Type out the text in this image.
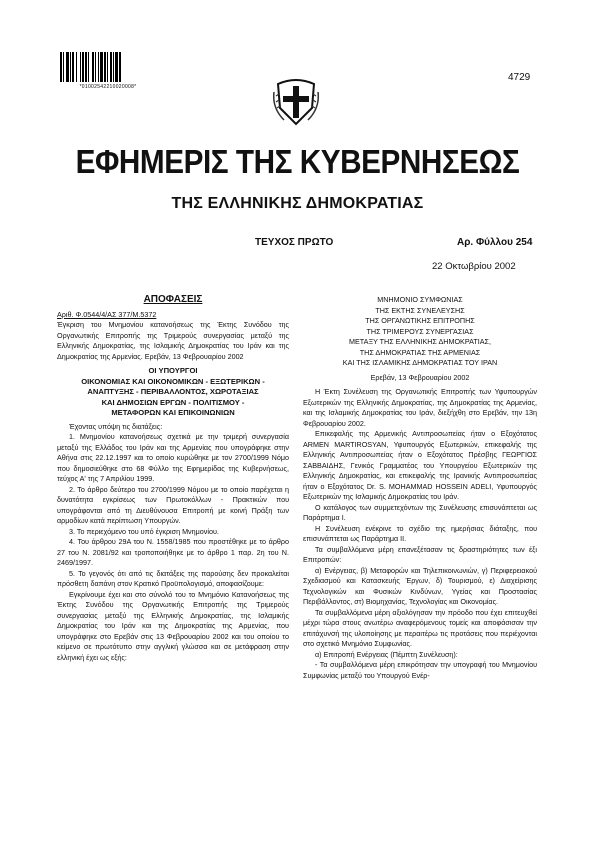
*01002542210020008*
4729
ΕΦΗΜΕΡΙΣ ΤΗΣ ΚΥΒΕΡΝΗΣΕΩΣ
ΤΗΣ ΕΛΛΗΝΙΚΗΣ ΔΗΜΟΚΡΑΤΙΑΣ
ΤΕΥΧΟΣ ΠΡΩΤΟ	Αρ. Φύλλου 254
22 Οκτωβρίου 2002

ΑΠΟΦΑΣΕΙΣ

Αριθ. Φ.0544/4/ΑΣ 377/Μ.5372

Έγκριση του Μνημονίου κατανοήσεως της Έκτης Συνόδου της Οργανωτικής Επιτροπής της Τριμερούς συνεργασίας μεταξύ της Ελληνικής Δημοκρατίας, της Ισλαμικής Δημοκρατίας του Ιράν και της Δημοκρατίας της Αρμενίας. Ερεβάν, 13 Φεβρουαρίου 2002

ΟΙ ΥΠΟΥΡΓΟΙ

ΟΙΚΟΝΟΜΙΑΣ ΚΑΙ ΟΙΚΟΝΟΜΙΚΩΝ - ΕΞΩΤΕΡΙΚΩΝ -

ΑΝΑΠΤΥΞΗΣ - ΠΕΡΙΒΑΛΛΟΝΤΟΣ, ΧΩΡΟΤΑΞΙΑΣ

ΚΑΙ ΔΗΜΟΣΙΩΝ ΕΡΓΩΝ - ΠΟΛΙΤΙΣΜΟΥ -

ΜΕΤΑΦΟΡΩΝ ΚΑΙ ΕΠΙΚΟΙΝΩΝΙΩΝ

Έχοντας υπόψη τις διατάξεις:

1. Μνημονίου κατανοήσεως σχετικά με την τριμερή συνεργασία μεταξύ της Ελλάδος του Ιράν και της Αρμενίας που υπογράφηκε στην Αθήνα στις 22.12.1997 και το οποίο κυρώθηκε με τον 2700/1999 Νόμο που δημοσιεύθηκε στο 68 Φύλλο της Εφημερίδας της Κυβερνήσεως, τεύχος Α' της 7 Απριλίου 1999.

2. Το άρθρο δεύτερο του 2700/1999 Νόμου με το οποίο παρέχεται η δυνατότητα εγκρίσεως των Πρωτοκόλλων - Πρακτικών που υπογράφονται από τη Διευθύνουσα Επιτροπή με κοινή Πράξη των αρμοδίων κατά περίπτωση Υπουργών.

3. Το περιεχόμενο του υπό έγκριση Μνημονίου.

4. Του άρθρου 29Α του Ν. 1558/1985 που προστέθηκε με το άρθρο 27 του Ν. 2081/92 και τροποποιήθηκε με το άρθρο 1 παρ. 2η του Ν. 2469/1997.

5. Το γεγονός ότι από τις διατάξεις της παρούσης δεν προκαλείται πρόσθετη δαπάνη στον Κρατικό Προϋπολογισμό, αποφασίζουμε:

Εγκρίνουμε έχει και στο σύνολό του το Μνημόνιο Κατανοήσεως της Έκτης Συνόδου της Οργανωτικής Επιτροπής της Τριμερούς συνεργασίας μεταξύ της Ελληνικής Δημοκρατίας, της Ισλαμικής Δημοκρατίας του Ιράν και της Δημοκρατίας της Αρμενίας, που υπογράφηκε στο Ερεβάν στις 13 Φεβρουαρίου 2002 και του οποίου το κείμενο σε πρωτότυπο στην αγγλική γλώσσα και σε μετάφραση στην ελληνική έχει ως εξής:

ΜΝΗΜΟΝΙΟ ΣΥΜΦΩΝΙΑΣ

ΤΗΣ ΕΚΤΗΣ ΣΥΝΕΛΕΥΣΗΣ

ΤΗΣ ΟΡΓΑΝΩΤΙΚΗΣ ΕΠΙΤΡΟΠΗΣ

ΤΗΣ ΤΡΙΜΕΡΟΥΣ ΣΥΝΕΡΓΑΣΙΑΣ

ΜΕΤΑΞΥ ΤΗΣ ΕΛΛΗΝΙΚΗΣ ΔΗΜΟΚΡΑΤΙΑΣ,

ΤΗΣ ΔΗΜΟΚΡΑΤΙΑΣ ΤΗΣ ΑΡΜΕΝΙΑΣ

ΚΑΙ ΤΗΣ ΙΣΛΑΜΙΚΗΣ ΔΗΜΟΚΡΑΤΙΑΣ ΤΟΥ ΙΡΑΝ

Ερεβάν, 13 Φεβρουαρίου 2002

Η Έκτη Συνέλευση της Οργανωτικής Επιτροπής των Υφυπουργών Εξωτερικών της Ελληνικής Δημοκρατίας, της Δημοκρατίας της Αρμενίας, και της Ισλαμικής Δημοκρατίας του Ιράν, διεξήχθη στο Ερεβάν, την 13η Φεβρουαρίου 2002.

Επικεφαλής της Αρμενικής Αντιπροσωπείας ήταν ο Εξοχότατος ARMEN MARTIROSYAN, Υφυπουργός Εξωτερικών, επικεφαλής της Ελληνικής Αντιπροσωπείας ήταν ο Εξοχότατος Πρέσβης ΓΕΩΡΓΙΟΣ ΣΑΒΒΑΙΔΗΣ, Γενικός Γραμματέας του Υπουργείου Εξωτερικών της Ελληνικής Δημοκρατίας, και επικεφαλής της Ιρανικής Αντιπροσωπείας ήταν ο Εξοχότατος Dr. S. MOHAMMAD HOSSEIN ADELI, Υφυπουργός Εξωτερικών της Ισλαμικής Δημοκρατίας του Ιράν.

Ο κατάλογος των συμμετεχόντων της Συνέλευσης επισυνάπτεται ως Παράρτημα Ι.

Η Συνέλευση ενέκρινε το σχέδιο της ημερήσιας διάταξης, που επισυνάπτεται ως Παράρτημα ΙΙ.

Τα συμβαλλόμενα μέρη επανεξέτασαν τις δραστηριότητες των έξι Επιτροπών:

α) Ενέργειας, β) Μεταφορών και Τηλεπικοινωνιών, γ) Περιφερειακού Σχεδιασμού και Κατασκευής Έργων, δ) Τουρισμού, ε) Διαχείρισης Τεχνολογικών και Φυσικών Κινδύνων, Υγείας και Προστασίας Περιβάλλοντος, στ) Βιομηχανίας, Τεχνολογίας και Οικονομίας.

Τα συμβαλλόμενα μέρη αξιολόγησαν την πρόοδο που έχει επιτευχθεί μέχρι τώρα στους ανωτέρω αναφερόμενους τομείς και αποφάσισαν την επιτάχυνσή της υλοποίησης με περαιτέρω τις προτάσεις που περιέχονται στο σχετικό Μνημόνιο Συμφωνίας.

α) Επιτροπή Ενέργειας (Πέμπτη Συνέλευση):

- Τα συμβαλλόμενα μέρη επικρότησαν την υπογραφή του Μνημονίου Συμφωνίας μεταξύ του Υπουργού Ενέρ-
